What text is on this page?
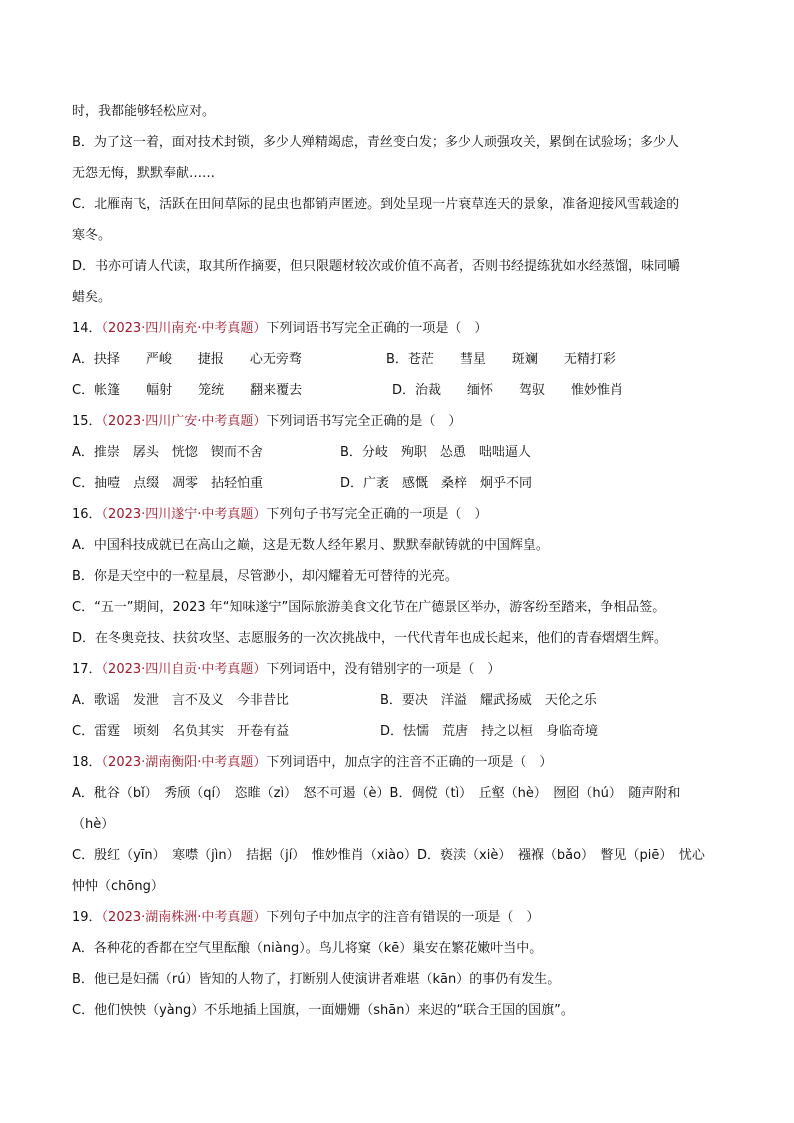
时，我都能够轻松应对。
B．为了这一着，面对技术封锁，多少人殚精竭虑，青丝变白发；多少人顽强攻关，累倒在试验场；多少人
无怨无悔，默默奉献……
C．北雁南飞，活跃在田间草际的昆虫也都销声匿迹。到处呈现一片衰草连天的景象，准备迎接风雪载途的
寒冬。
D．书亦可请人代读，取其所作摘要，但只限题材较次或价值不高者，否则书经提练犹如水经蒸馏，味同嚼
蜡矣。
14．（2023·四川南充·中考真题）下列词语书写完全正确的一项是（　）
A．抉择　　严峻　　捷报　　心无旁骛	B．苍茫　　彗星　　斑斓　　无精打彩
C．帐篷　　幅射　　笼统　　翻来覆去	D．治裁　　缅怀　　驾驭　　惟妙惟肖
15．（2023·四川广安·中考真题）下列词语书写完全正确的是（　）
A．推崇　孱头　恍惚　锲而不舍	B．分岐　殉职　怂恿　咄咄逼人
C．抽噎　点缀　凋零　拈轻怕重	D．广袤　感慨　桑梓　炯乎不同
16．（2023·四川遂宁·中考真题）下列句子书写完全正确的一项是（　）
A．中国科技成就已在高山之巅，这是无数人经年累月、默默奉献铸就的中国辉皇。
B．你是天空中的一粒星晨，尽管渺小，却闪耀着无可替待的光亮。
C．“五一”期间，2023 年“知味遂宁”国际旅游美食文化节在广德景区举办，游客纷至踏来，争相品签。
D．在冬奥竞技、扶贫攻坚、志愿服务的一次次挑战中，一代代青年也成长起来，他们的青春熠熠生辉。
17．（2023·四川自贡·中考真题）下列词语中，没有错别字的一项是（　）
A．歌谣　发泄　言不及义　今非昔比	B．要决　洋溢　耀武扬威　天伦之乐
C．雷霆　顷刻　名负其实　开卷有益	D．怯懦　荒唐　持之以桓　身临奇境
18．（2023·湖南衡阳·中考真题）下列词语中，加点字的注音不正确的一项是（　）
A．秕谷（bǐ）　秀颀（qí）　恣睢（zì）　怒不可遏（è）B．倜傥（tì）　丘壑（hè）　囫囵（hú）　随声附和
（hè）
C．殷红（yīn）　寒噤（jìn）　拮据（jí）　惟妙惟肖（xiào）D．亵渎（xiè）　襁褓（bǎo）　瞥见（piē）　忧心
忡忡（chōng）
19．（2023·湖南株洲·中考真题）下列句子中加点字的注音有错误的一项是（　）
A．各种花的香都在空气里酝酿（niàng）。鸟儿将窠（kē）巢安在繁花嫩叶当中。
B．他已是妇孺（rú）皆知的人物了，打断别人使演讲者难堪（kān）的事仍有发生。
C．他们怏怏（yàng）不乐地插上国旗，一面姗姗（shān）来迟的“联合王国的国旗”。
